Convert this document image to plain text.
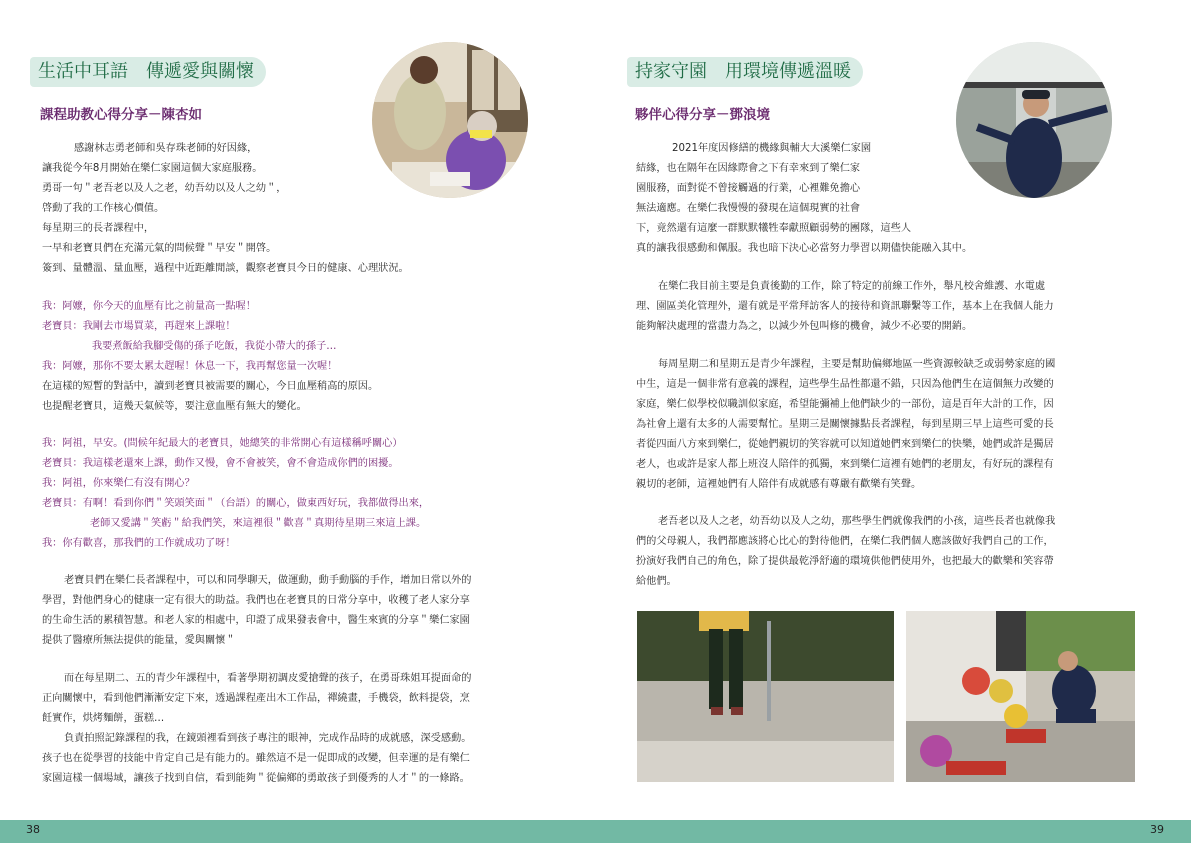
生活中耳語　傳遞愛與關懷
課程助教心得分享－陳杏如

感謝林志勇老師和吳存珠老師的好因緣，

讓我從今年8月開始在樂仁家園這個大家庭服務。

勇哥一句＂老吾老以及人之老，幼吾幼以及人之幼＂，

啓動了我的工作核心價值。

每星期三的長者課程中，

一早和老寶貝們在充滿元氣的問候聲＂早安＂開啓。

簽到、量體溫、量血壓，過程中近距離閒談，觀察老寶貝今日的健康、心理狀況。

我：阿嬤，你今天的血壓有比之前量高一點喔！

老寶貝：我剛去市場買菜，再趕來上課啦！

我要煮飯給我腳受傷的孫子吃飯，我從小帶大的孫子…

我：阿嬤，那你不要太累太趕喔！休息一下，我再幫您量一次喔！

在這樣的短暫的對話中，讀到老寶貝被需要的關心，今日血壓稍高的原因。

也提醒老寶貝，這幾天氣候等，要注意血壓有無大的變化。

我：阿祖，早安。(問候年紀最大的老寶貝，她總笑的非常開心有這樣稱呼關心）

老寶貝：我這樣老還來上課，動作又慢，會不會被笑，會不會造成你們的困擾。

我：阿祖，你來樂仁有沒有開心？

老寶貝：有啊！看到你們＂笑頭笑面＂（台語）的關心，做東西好玩，我都做得出來，

老師又愛講＂笑虧＂給我們笑，來這裡很＂歡喜＂真期待星期三來這上課。

我：你有歡喜，那我們的工作就成功了呀！

老寶貝們在樂仁長者課程中，可以和同學聊天，做運動，動手動腦的手作，增加日常以外的

學習，對他們身心的健康一定有很大的助益。我們也在老寶貝的日常分享中，收穫了老人家分享

的生命生活的累積智慧。和老人家的相處中，印證了成果發表會中，醫生來賓的分享＂樂仁家園

提供了醫療所無法提供的能量，愛與關懷＂

而在每星期二、五的青少年課程中，看著學期初調皮愛搶聲的孩子，在勇哥珠姐耳提面命的

正向關懷中，看到他們漸漸安定下來，透過課程產出木工作品，禪繞畫，手機袋，飲料提袋，烹

飪實作，烘烤麵餅，蛋糕…

負責拍照記錄課程的我，在鏡頭裡看到孩子專注的眼神，完成作品時的成就感，深受感動。

孩子也在從學習的技能中肯定自己是有能力的。雖然這不是一促即成的改變，但幸運的是有樂仁

家園這樣一個場域，讓孩子找到自信，看到能夠＂從偏鄉的勇敢孩子到優秀的人才＂的一條路。

持家守園　用環境傳遞溫暖
夥伴心得分享－鄧浪境

2021年度因修繕的機緣與輔大大溪樂仁家園

結緣，也在隔年在因緣際會之下有幸來到了樂仁家

園服務，面對從不曾接觸過的行業，心裡難免擔心

無法適應。在樂仁我慢慢的發現在這個現實的社會

下，竟然還有這麼一群默默犧牲奉獻照顧弱勢的團隊，這些人

真的讓我很感動和佩服。我也暗下決心必當努力學習以期儘快能融入其中。

在樂仁我目前主要是負責後勤的工作，除了特定的前線工作外，舉凡校舍維護、水電處

理、園區美化管理外，還有就是平常拜訪客人的接待和資訊聯繫等工作，基本上在我個人能力

能夠解決處理的當盡力為之，以減少外包叫修的機會，減少不必要的開銷。

每周星期二和星期五是青少年課程，主要是幫助偏鄉地區一些資源較缺乏或弱勢家庭的國

中生，這是一個非常有意義的課程，這些學生品性都還不錯，只因為他們生在這個無力改變的

家庭，樂仁似學校似職訓似家庭，希望能彌補上他們缺少的一部份，這是百年大計的工作，因

為社會上還有太多的人需要幫忙。星期三是關懷據點長者課程，每到星期三早上這些可愛的長

者從四面八方來到樂仁，從她們親切的笑容就可以知道她們來到樂仁的快樂，她們或許是獨居

老人，也或許是家人都上班沒人陪伴的孤獨，來到樂仁這裡有她們的老朋友，有好玩的課程有

親切的老師，這裡她們有人陪伴有成就感有尊嚴有歡樂有笑聲。

老吾老以及人之老，幼吾幼以及人之幼，那些學生們就像我們的小孩，這些長者也就像我

們的父母親人，我們都應該將心比心的對待他們，在樂仁我們個人應該做好我們自己的工作，

扮演好我們自己的角色，除了提供最乾淨舒適的環境供他們使用外，也把最大的歡樂和笑容帶

給他們。

38	39
